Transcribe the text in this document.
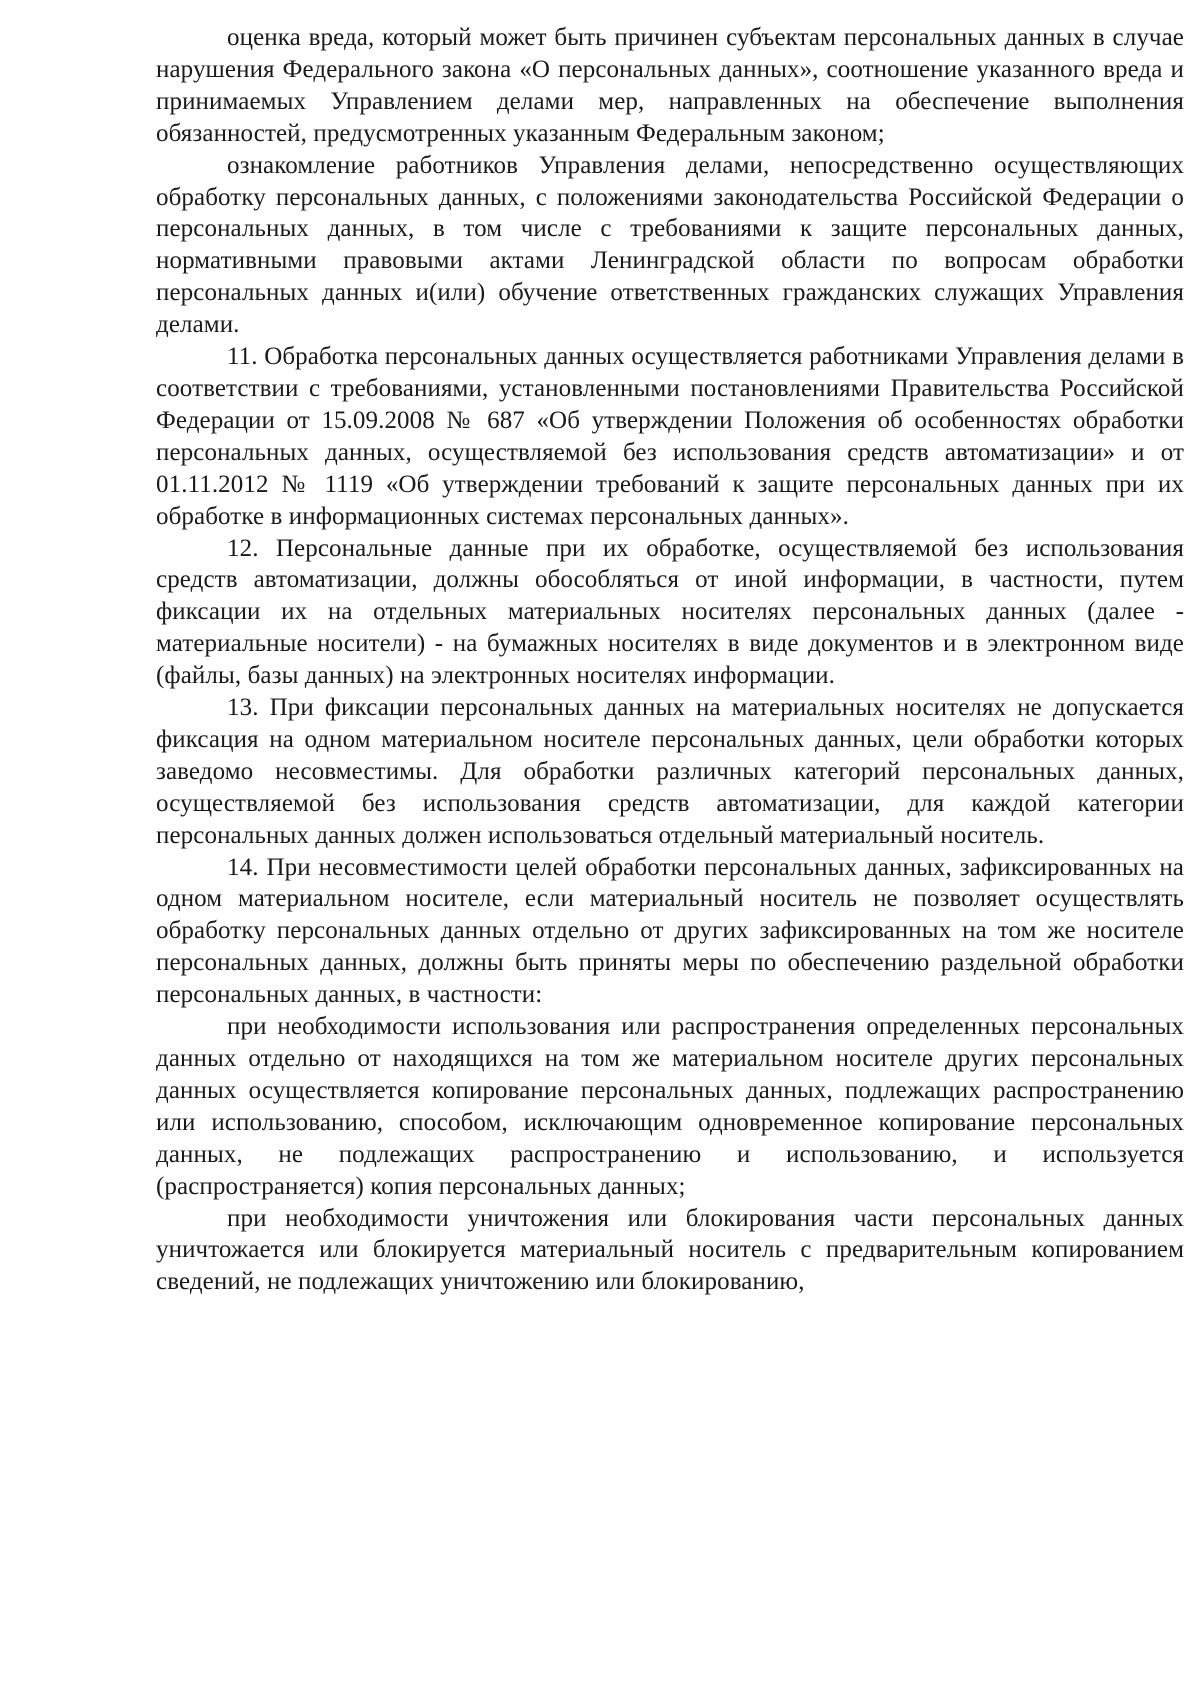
оценка вреда, который может быть причинен субъектам персональных данных в случае нарушения Федерального закона «О персональных данных», соотношение указанного вреда и принимаемых Управлением делами мер, направленных на обеспечение выполнения обязанностей, предусмотренных указанным Федеральным законом;

ознакомление работников Управления делами, непосредственно осуществляющих обработку персональных данных, с положениями законодательства Российской Федерации о персональных данных, в том числе с требованиями к защите персональных данных, нормативными правовыми актами Ленинградской области по вопросам обработки персональных данных и(или) обучение ответственных гражданских служащих Управления делами.

11. Обработка персональных данных осуществляется работниками Управления делами в соответствии с требованиями, установленными постановлениями Правительства Российской Федерации от 15.09.2008 № 687 «Об утверждении Положения об особенностях обработки персональных данных, осуществляемой без использования средств автоматизации» и от 01.11.2012 № 1119 «Об утверждении требований к защите персональных данных при их обработке в информационных системах персональных данных».

12. Персональные данные при их обработке, осуществляемой без использования средств автоматизации, должны обособляться от иной информации, в частности, путем фиксации их на отдельных материальных носителях персональных данных (далее - материальные носители) - на бумажных носителях в виде документов и в электронном виде (файлы, базы данных) на электронных носителях информации.

13. При фиксации персональных данных на материальных носителях не допускается фиксация на одном материальном носителе персональных данных, цели обработки которых заведомо несовместимы. Для обработки различных категорий персональных данных, осуществляемой без использования средств автоматизации, для каждой категории персональных данных должен использоваться отдельный материальный носитель.

14. При несовместимости целей обработки персональных данных, зафиксированных на одном материальном носителе, если материальный носитель не позволяет осуществлять обработку персональных данных отдельно от других зафиксированных на том же носителе персональных данных, должны быть приняты меры по обеспечению раздельной обработки персональных данных, в частности:

при необходимости использования или распространения определенных персональных данных отдельно от находящихся на том же материальном носителе других персональных данных осуществляется копирование персональных данных, подлежащих распространению или использованию, способом, исключающим одновременное копирование персональных данных, не подлежащих распространению и использованию, и используется (распространяется) копия персональных данных;

при необходимости уничтожения или блокирования части персональных данных уничтожается или блокируется материальный носитель с предварительным копированием сведений, не подлежащих уничтожению или блокированию,
